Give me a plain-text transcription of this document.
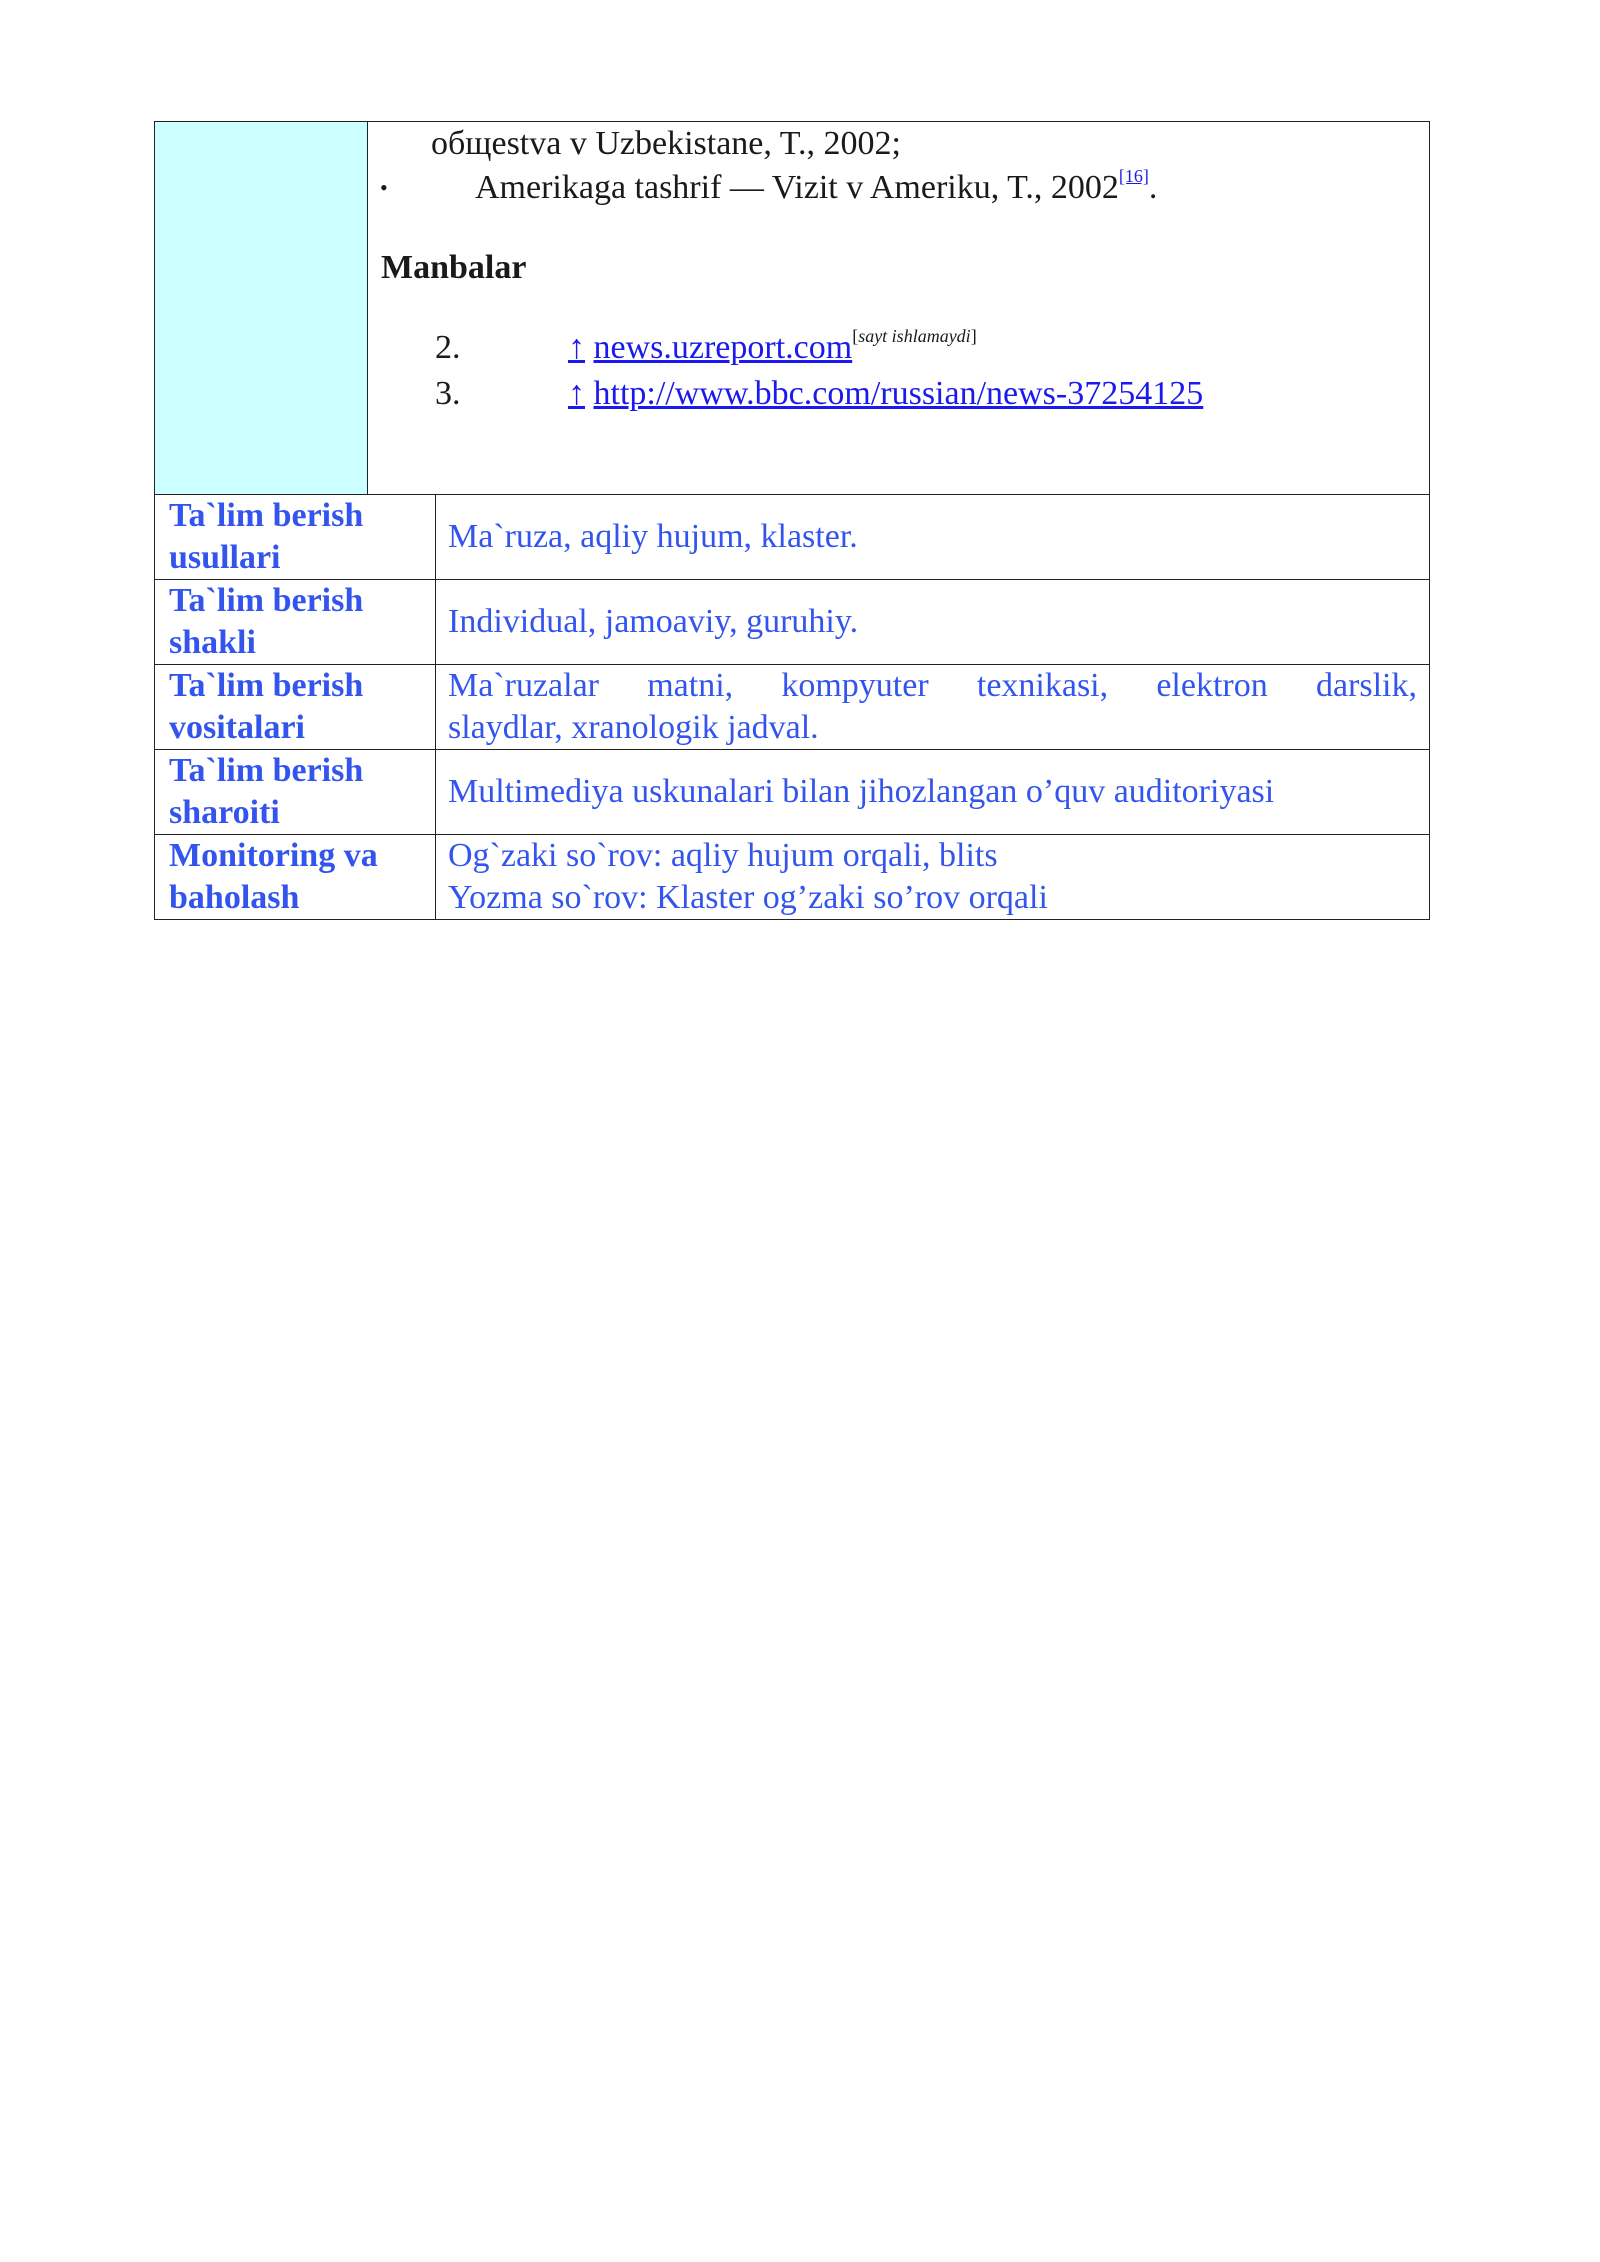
общestva v Uzbekistane, T., 2002;
•	Amerikaga tashrif — Vizit v Ameriku, T., 2002[16].
Manbalar
2.	↑ news.uzreport.com[sayt ishlamaydi]
3.	↑ http://www.bbc.com/russian/news-37254125
Ta`lim berish
usullari	Ma`ruza, aqliy hujum, klaster.

Ta`lim berish
shakli	Individual, jamoaviy, guruhiy.

Ta`lim berish
vositalari	Ma`ruzalar matni, kompyuter texnikasi, elektron darslik,
slaydlar, xranologik jadval.

Ta`lim berish
sharoiti	Multimediya uskunalari bilan jihozlangan o’quv auditoriyasi

Monitoring va
baholash	Og`zaki so`rov: aqliy hujum orqali, blits
Yozma so`rov: Klaster og’zaki so’rov orqali
